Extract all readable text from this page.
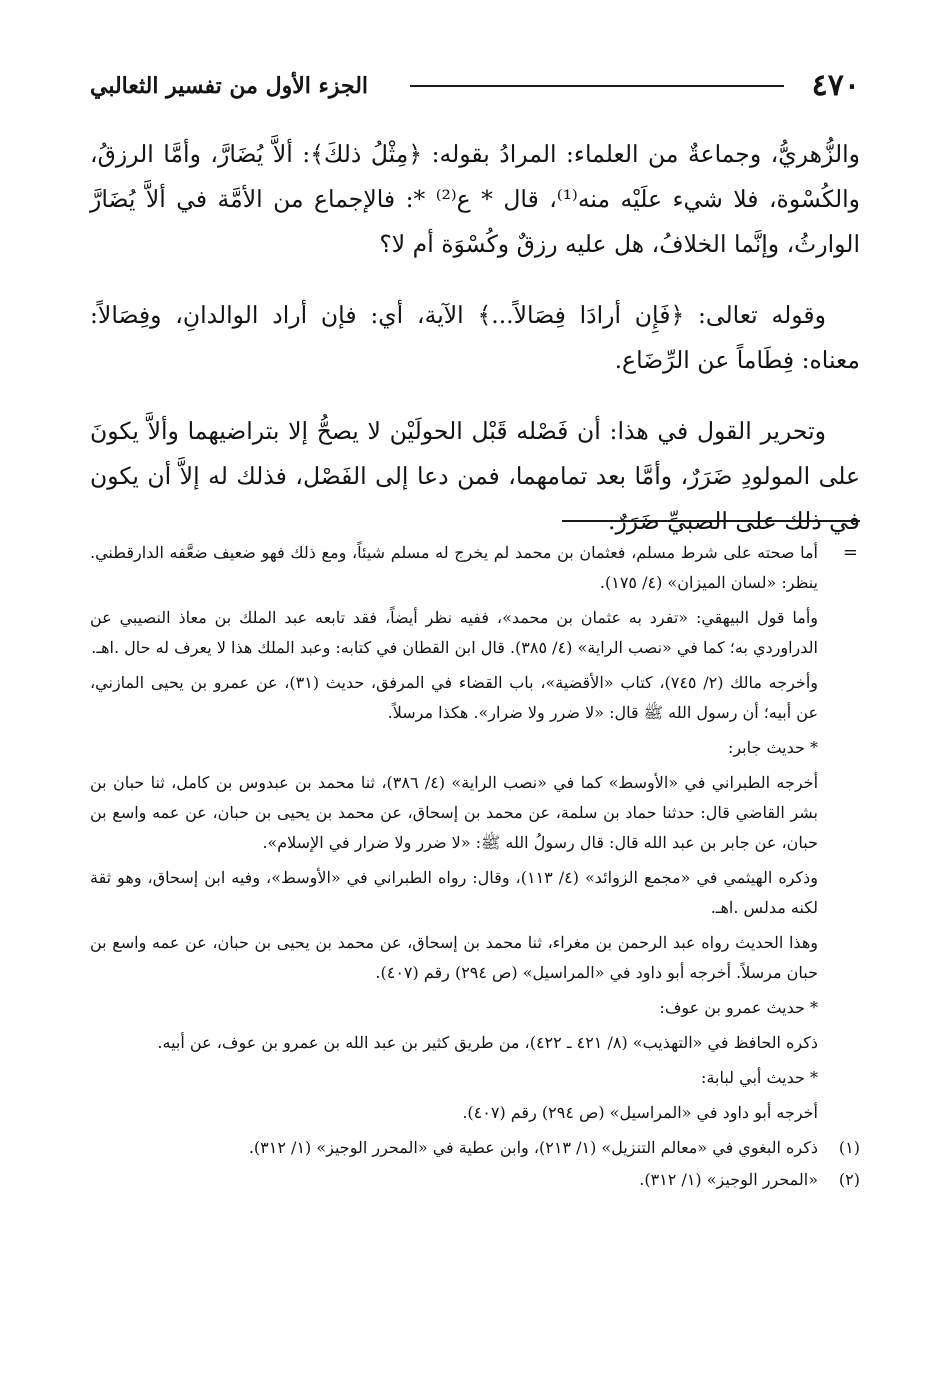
٤٧٠
الجزء الأول من تفسير الثعالبي

والزُّهريُّ، وجماعةٌ من العلماء: المرادُ بقوله: ﴿مِثْلُ ذلكَ﴾: ألاَّ يُضَارَّ، وأمَّا الرزقُ، والكُسْوة، فلا شيء علَيْه منه⁽¹⁾، قال * ع⁽²⁾ *: فالإجماع من الأمَّة في ألاَّ يُضَارَّ الوارثُ، وإنَّما الخلافُ، هل عليه رزقٌ وكُسْوَة أم لا؟

وقوله تعالى: ﴿فَإِن أرادَا فِصَالاً...﴾ الآية، أي: فإن أراد الوالدانِ، وفِصَالاً: معناه: فِطَاماً عن الرِّضَاع.

وتحرير القول في هذا: أن فَصْله قَبْل الحولَيْن لا يصحُّ إلا بتراضيهما وألاَّ يكونَ على المولودِ ضَرَرٌ، وأمَّا بعد تمامهما، فمن دعا إلى الفَصْل، فذلك له إلاَّ أن يكون في ذلك على الصبيِّ ضَرَرٌ.

=

أما صحته على شرط مسلم، فعثمان بن محمد لم يخرج له مسلم شيئاً، ومع ذلك فهو ضعيف ضعَّفه الدارقطني. ينظر: «لسان الميزان» (٤/ ١٧٥).

وأما قول البيهقي: «تفرد به عثمان بن محمد»، ففيه نظر أيضاً، فقد تابعه عبد الملك بن معاذ النصيبي عن الدراوردي به؛ كما في «نصب الراية» (٤/ ٣٨٥). قال ابن القطان في كتابه: وعبد الملك هذا لا يعرف له حال .اهـ.

وأخرجه مالك (٢/ ٧٤٥)، كتاب «الأقضية»، باب القضاء في المرفق، حديث (٣١)، عن عمرو بن يحيى المازني، عن أبيه؛ أن رسول الله ﷺ قال: «لا ضرر ولا ضرار». هكذا مرسلاً.

* حديث جابر:

أخرجه الطبراني في «الأوسط» كما في «نصب الراية» (٤/ ٣٨٦)، ثنا محمد بن عبدوس بن كامل، ثنا حبان بن بشر القاضي قال: حدثنا حماد بن سلمة، عن محمد بن إسحاق، عن محمد بن يحيى بن حبان، عن عمه واسع بن حبان، عن جابر بن عبد الله قال: قال رسولُ الله ﷺ: «لا ضرر ولا ضرار في الإسلام».

وذكره الهيثمي في «مجمع الزوائد» (٤/ ١١٣)، وقال: رواه الطبراني في «الأوسط»، وفيه ابن إسحاق، وهو ثقة لكنه مدلس .اهـ.

وهذا الحديث رواه عبد الرحمن بن مغراء، ثنا محمد بن إسحاق، عن محمد بن يحيى بن حبان، عن عمه واسع بن حبان مرسلاً. أخرجه أبو داود في «المراسيل» (ص ٢٩٤) رقم (٤٠٧).

* حديث عمرو بن عوف:

ذكره الحافظ في «التهذيب» (٨/ ٤٢١ ـ ٤٢٢)، من طريق كثير بن عبد الله بن عمرو بن عوف، عن أبيه.

* حديث أبي لبابة:

أخرجه أبو داود في «المراسيل» (ص ٢٩٤) رقم (٤٠٧).

(١)
ذكره البغوي في «معالم التنزيل» (١/ ٢١٣)، وابن عطية في «المحرر الوجيز» (١/ ٣١٢).
(٢)
«المحرر الوجيز» (١/ ٣١٢).
